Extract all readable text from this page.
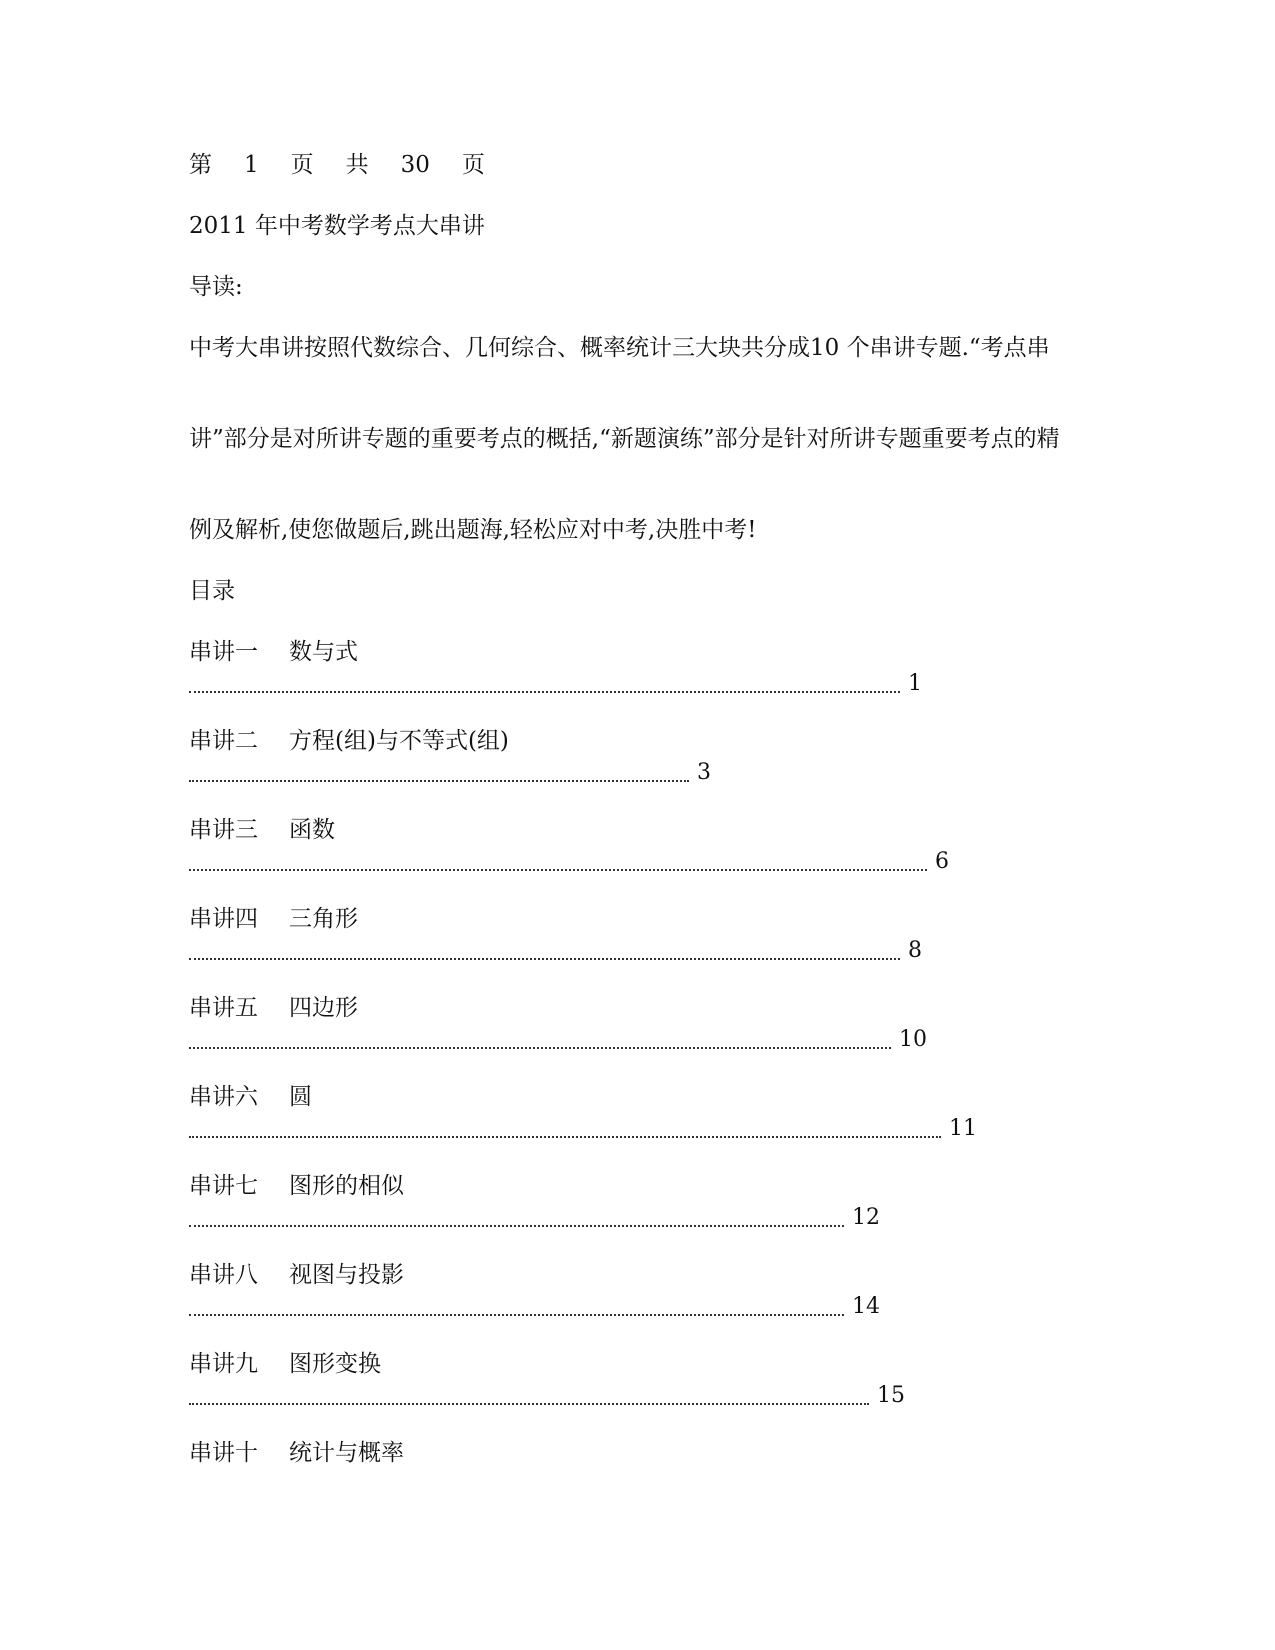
第 1 页 共 30 页
2011 年中考数学考点大串讲
导读:
中考大串讲按照代数综合、几何综合、概率统计三大块共分成10 个串讲专题.“考点串
讲”部分是对所讲专题的重要考点的概括,“新题演练”部分是针对所讲专题重要考点的精
例及解析,使您做题后,跳出题海,轻松应对中考,决胜中考!
目录
串讲一 数与式
1
串讲二 方程(组)与不等式(组)
3
串讲三 函数
6
串讲四 三角形
8
串讲五 四边形
10
串讲六 圆
11
串讲七 图形的相似
12
串讲八 视图与投影
14
串讲九 图形变换
15
串讲十 统计与概率
